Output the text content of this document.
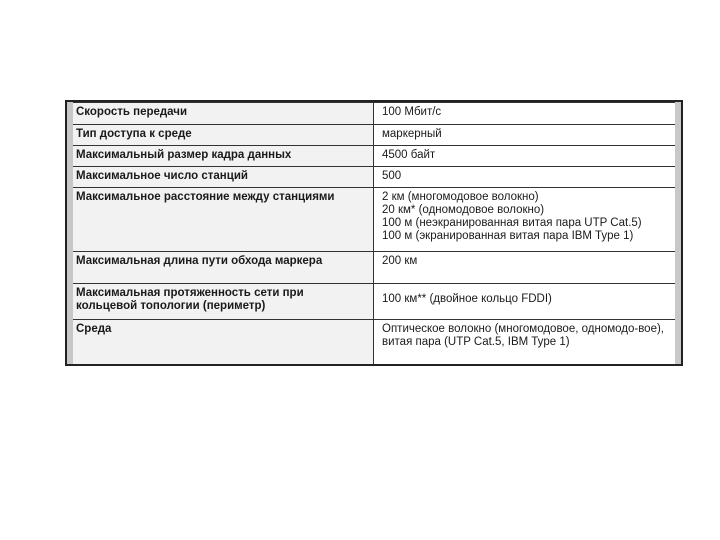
Скорость передачи	100 Мбит/с
Тип доступа к среде	маркерный
Максимальный размер кадра данных	4500 байт
Максимальное число станций	500
Максимальное расстояние между станциями	2 км (многомодовое волокно)
20 км* (одномодовое волокно)
100 м (неэкранированная витая пара UTP Cat.5)
100 м (экранированная витая пара IBM Type 1)
Максимальная длина пути обхода маркера	200 км
Максимальная протяженность сети при кольцевой топологии (периметр)	100 км** (двойное кольцо FDDI)
Среда	Оптическое волокно (многомодовое, одномодо-вое), витая пара (UTP Cat.5, IBM Type 1)
